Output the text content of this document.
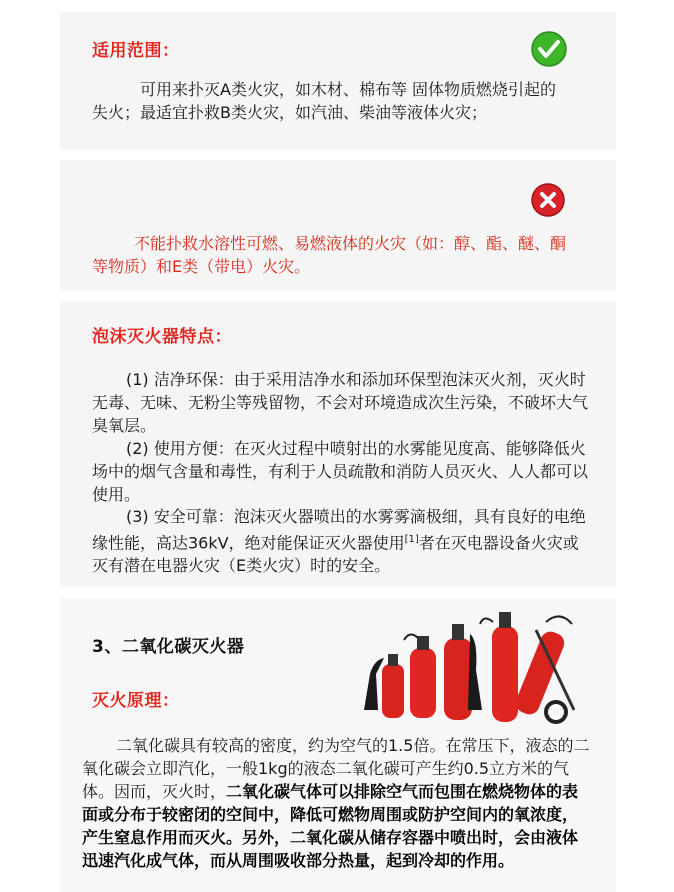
适用范围：
可用来扑灭A类火灾，如木材、棉布等 固体物质燃烧引起的失火；最适宜扑救B类火灾，如汽油、柴油等液体火灾；
不能扑救水溶性可燃、易燃液体的火灾（如：醇、酯、醚、酮等物质）和E类（带电）火灾。
泡沫灭火器特点：
(1) 洁净环保：由于采用洁净水和添加环保型泡沫灭火剂，灭火时无毒、无味、无粉尘等残留物，不会对环境造成次生污染，不破坏大气臭氧层。
(2) 使用方便：在灭火过程中喷射出的水雾能见度高、能够降低火场中的烟气含量和毒性，有利于人员疏散和消防人员灭火、人人都可以使用。
(3) 安全可靠：泡沫灭火器喷出的水雾雾滴极细，具有良好的电绝缘性能，高达36kV，绝对能保证灭火器使用[1]者在灭电器设备火灾或灭有潜在电器火灾（E类火灾）时的安全。
3、二氧化碳灭火器
灭火原理：
二氧化碳具有较高的密度，约为空气的1.5倍。在常压下，液态的二氧化碳会立即汽化，一般1kg的液态二氧化碳可产生约0.5立方米的气体。因而，灭火时，二氧化碳气体可以排除空气而包围在燃烧物体的表面或分布于较密闭的空间中，降低可燃物周围或防护空间内的氧浓度，产生窒息作用而灭火。另外，二氧化碳从储存容器中喷出时，会由液体迅速汽化成气体，而从周围吸收部分热量，起到冷却的作用。
